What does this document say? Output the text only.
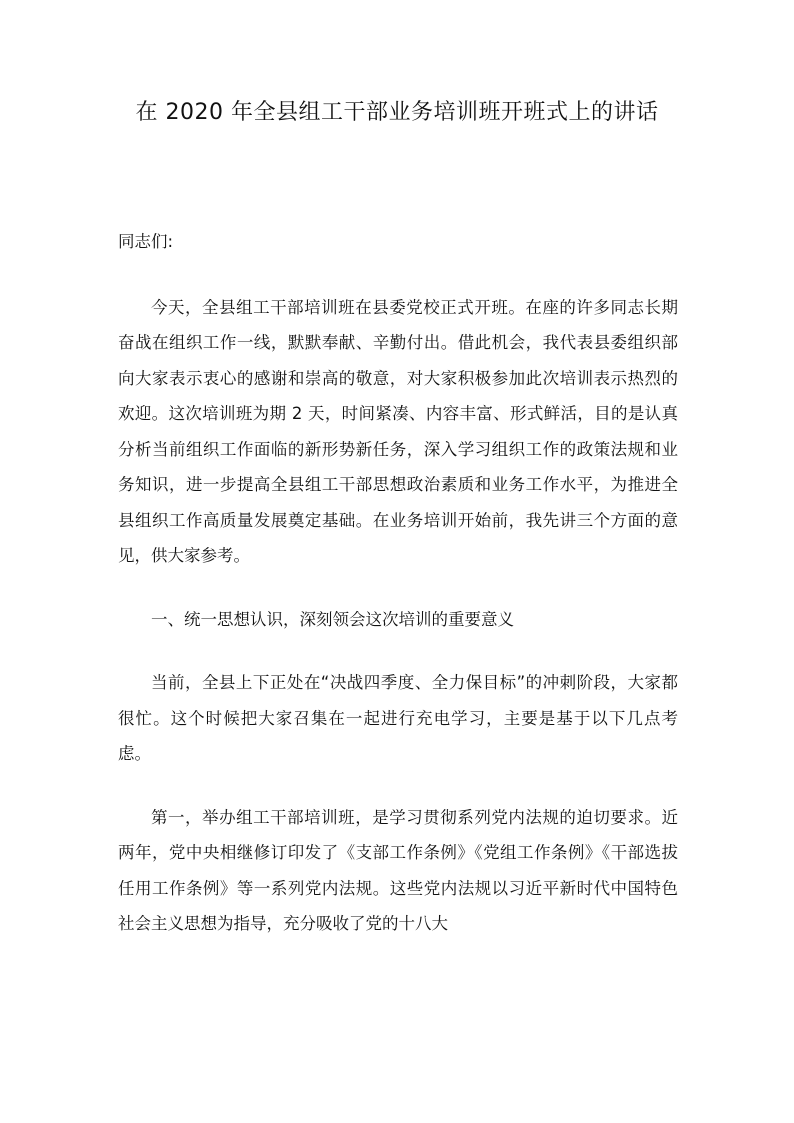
在 2020 年全县组工干部业务培训班开班式上的讲话

同志们:

今天，全县组工干部培训班在县委党校正式开班。在座的许多同志长期奋战在组织工作一线，默默奉献、辛勤付出。借此机会，我代表县委组织部向大家表示衷心的感谢和崇高的敬意，对大家积极参加此次培训表示热烈的欢迎。这次培训班为期 2 天，时间紧凑、内容丰富、形式鲜活，目的是认真分析当前组织工作面临的新形势新任务，深入学习组织工作的政策法规和业务知识，进一步提高全县组工干部思想政治素质和业务工作水平，为推进全县组织工作高质量发展奠定基础。在业务培训开始前，我先讲三个方面的意见，供大家参考。

一、统一思想认识，深刻领会这次培训的重要意义

当前，全县上下正处在“决战四季度、全力保目标”的冲刺阶段，大家都很忙。这个时候把大家召集在一起进行充电学习，主要是基于以下几点考虑。

第一，举办组工干部培训班，是学习贯彻系列党内法规的迫切要求。近两年，党中央相继修订印发了《支部工作条例》《党组工作条例》《干部选拔任用工作条例》等一系列党内法规。这些党内法规以习近平新时代中国特色社会主义思想为指导，充分吸收了党的十八大
